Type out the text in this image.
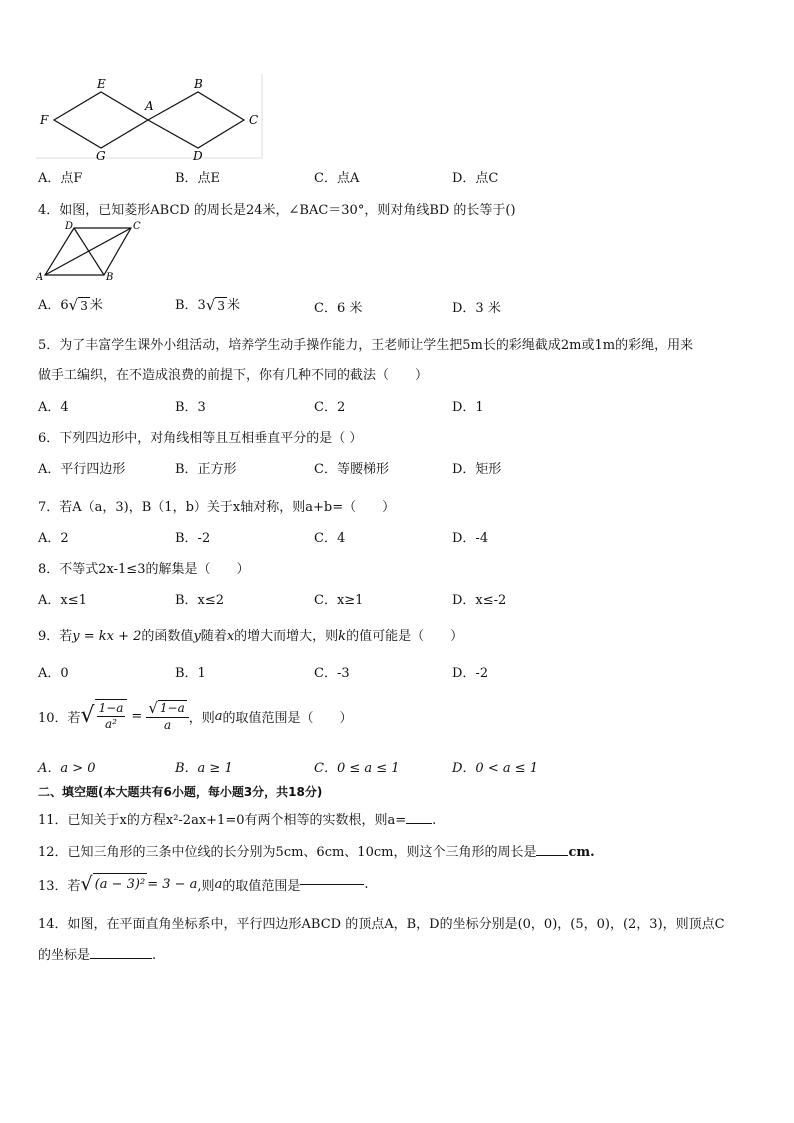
E	B
A
F	C
G	D
A．点F	B．点E	C．点A	D．点C
4．如图，已知菱形ABCD 的周长是24米，∠BAC＝30°，则对角线BD 的长等于()
D	C
A	B
A．6 √ 3 米	B．3 √ 3 米	C．6 米	D．3 米
5．为了丰富学生课外小组活动，培养学生动手操作能力，王老师让学生把5m长的彩绳截成2m或1m的彩绳，用来
做手工编织，在不造成浪费的前提下，你有几种不同的截法（　　）
A．4	B．3	C．2	D．1
6．下列四边形中，对角线相等且互相垂直平分的是（ ）
A．平行四边形	B．正方形	C．等腰梯形	D．矩形
7．若A（a，3)，B（1，b）关于x轴对称，则a+b=（　　）
A．2	B．-2	C．4	D．-4
8．不等式2x-1≤3的解集是（　　）
A．x≤1	B．x≤2	C．x≥1	D．x≤-2
9．若y = kx + 2的函数值y随着x的增大而增大，则k的值可能是（　　）
A．0	B．1	C．-3	D．-2
10．若 √ $\frac{1-a}{\text{a²}} = \frac{√ 1-a}{a}$ ，则 a 的取值范围是（　　）
A．a > 0	B．a ≥ 1	C．0 ≤ a ≤ 1	D．0 < a ≤ 1
二、填空题(本大题共有6小题，每小题3分，共18分)
11．已知关于x的方程x²-2ax+1=0有两个相等的实数根，则a= .
12．已知三角形的三条中位线的长分别为5cm、6cm、10cm，则这个三角形的周长是 cm.
13．若 √ (a − 3)² = 3 − a ,则 a 的取值范围是	.
14．如图，在平面直角坐标系中，平行四边形ABCD 的顶点A，B，D的坐标分别是(0，0)，(5，0)，(2，3)，则顶点C
的坐标是	.
